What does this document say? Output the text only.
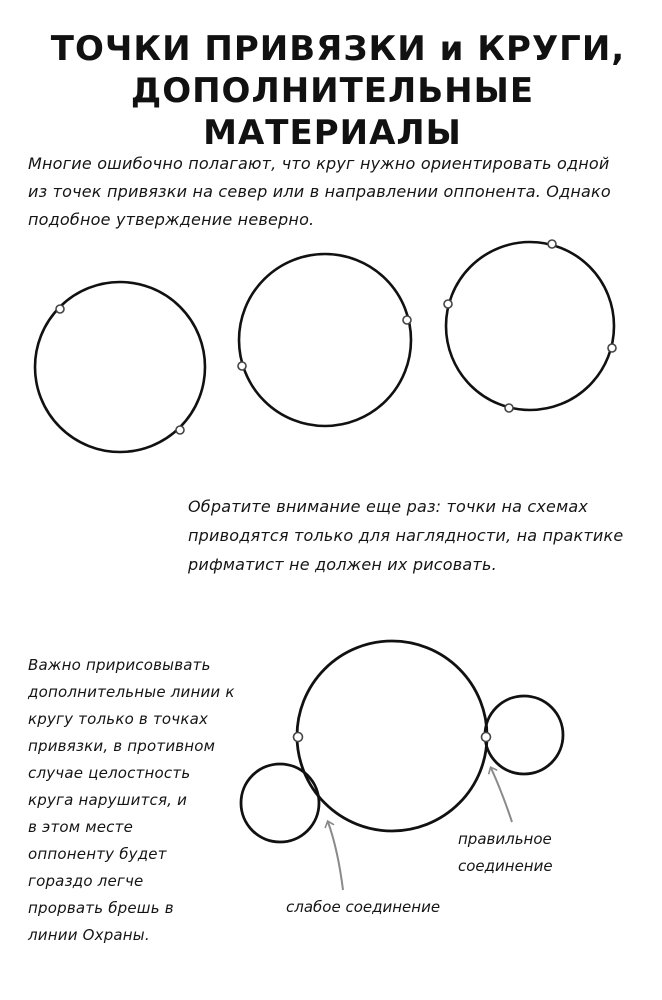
ТОЧКИ ПРИВЯЗКИ и КРУГИ,
ДОПОЛНИТЕЛЬНЫЕ МАТЕРИАЛЫ
Многие ошибочно полагают, что круг нужно ориентировать одной
из точек привязки на север или в направлении оппонента. Однако
подобное утверждение неверно.
Обратите внимание еще раз: точки на схемах
приводятся только для наглядности, на практике
рифматист не должен их рисовать.
Важно пририсовывать
дополнительные линии к
кругу только в точках
привязки, в противном
случае целостность
круга нарушится, и
в этом месте
оппоненту будет
гораздо легче
прорвать брешь в
линии Охраны.
правильное
соединение
слабое соединение
